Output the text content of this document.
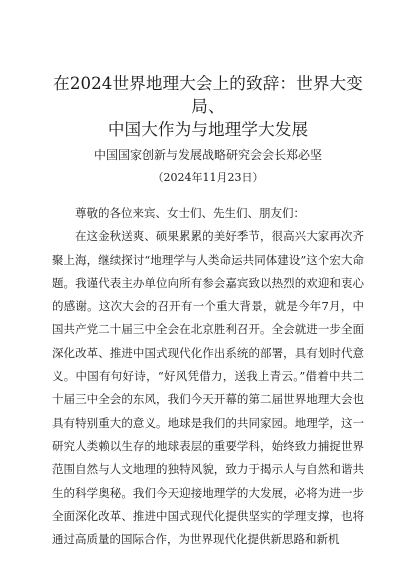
在2024世界地理大会上的致辞：世界大变局、
中国大作为与地理学大发展

中国国家创新与发展战略研究会会长郑必坚

（2024年11月23日）

尊敬的各位来宾、女士们、先生们、朋友们：

在这金秋送爽、硕果累累的美好季节，很高兴大家再次齐聚上海，继续探讨“地理学与人类命运共同体建设”这个宏大命题。我谨代表主办单位向所有参会嘉宾致以热烈的欢迎和衷心的感谢。这次大会的召开有一个重大背景，就是今年7月，中国共产党二十届三中全会在北京胜利召开。全会就进一步全面深化改革、推进中国式现代化作出系统的部署，具有划时代意义。中国有句好诗，“好风凭借力，送我上青云。”借着中共二十届三中全会的东风，我们今天开幕的第二届世界地理大会也具有特别重大的意义。地球是我们的共同家园。地理学，这一研究人类赖以生存的地球表层的重要学科，始终致力捕捉世界范围自然与人文地理的独特风貌，致力于揭示人与自然和谐共生的科学奥秘。我们今天迎接地理学的大发展，必将为进一步全面深化改革、推进中国式现代化提供坚实的学理支撑，也将通过高质量的国际合作，为世界现代化提供新思路和新机
